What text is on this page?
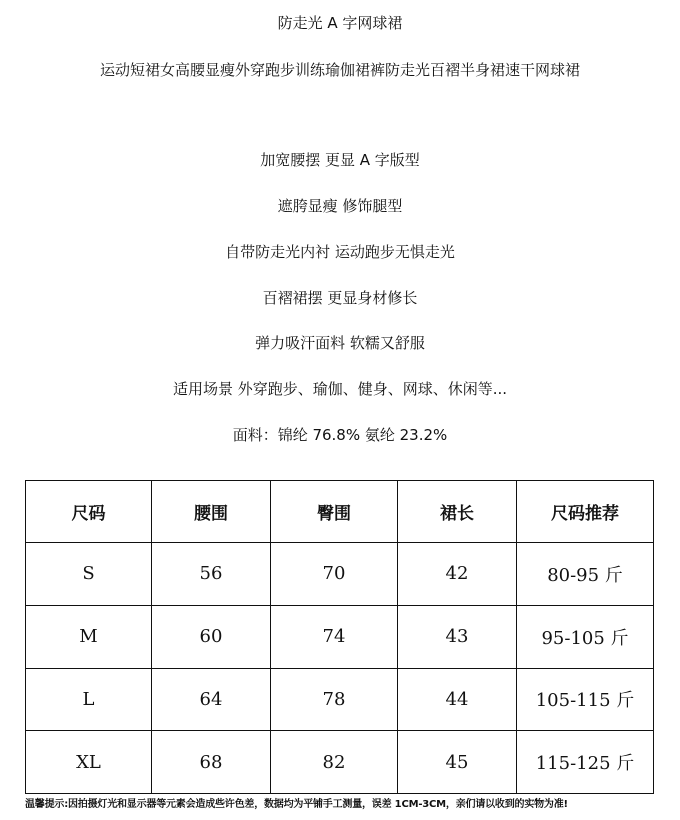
防走光 A 字网球裙
运动短裙女高腰显瘦外穿跑步训练瑜伽裙裤防走光百褶半身裙速干网球裙
加宽腰摆 更显 A 字版型
遮胯显瘦 修饰腿型
自带防走光内衬 运动跑步无惧走光
百褶裙摆 更显身材修长
弹力吸汗面料 软糯又舒服
适用场景 外穿跑步、瑜伽、健身、网球、休闲等...
面料：锦纶 76.8% 氨纶 23.2%
尺码	腰围	臀围	裙长	尺码推荐
S	56	70	42	80-95 斤
M	60	74	43	95-105 斤
L	64	78	44	105-115 斤
XL	68	82	45	115-125 斤
温馨提示:因拍摄灯光和显示器等元素会造成些许色差，数据均为平铺手工测量，误差 1CM-3CM，亲们请以收到的实物为准!
